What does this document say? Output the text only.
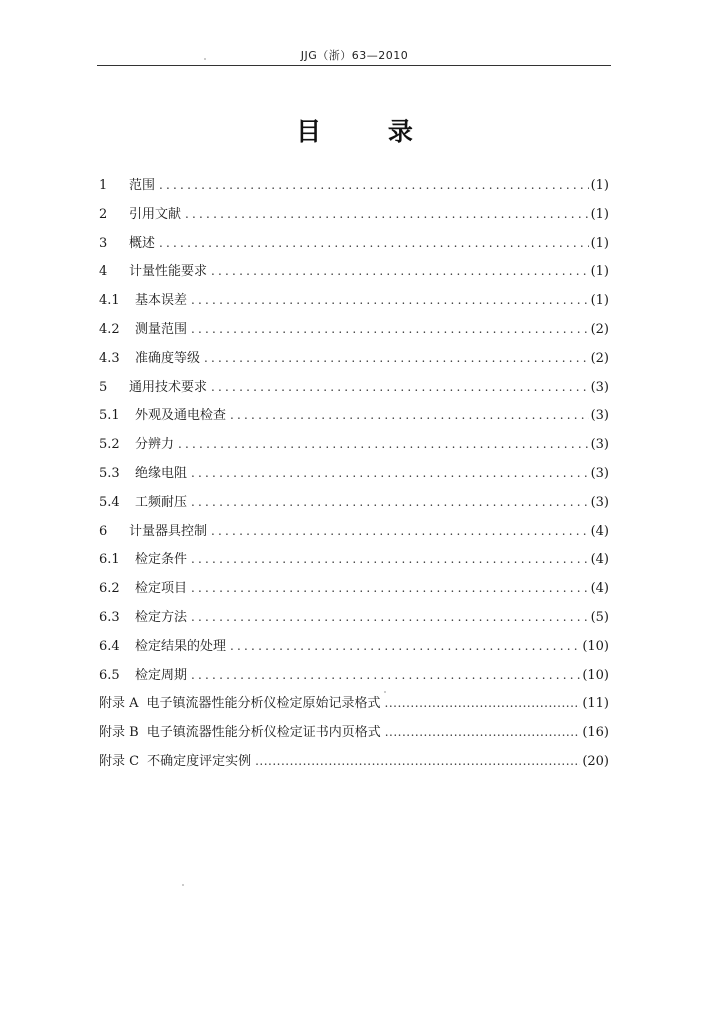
JJG（浙）63—2010
目 录
1	范围 .....	(1)
2	引用文献 .....	(1)
3	概述 .....	(1)
4	计量性能要求 .....	(1)
4.1	基本误差 .....	(1)
4.2	测量范围 .....	(2)
4.3	准确度等级 .....	(2)
5	通用技术要求 .....	(3)
5.1	外观及通电检查 .....	(3)
5.2	分辨力 .....	(3)
5.3	绝缘电阻 .....	(3)
5.4	工频耐压 .....	(3)
6	计量器具控制 .....	(4)
6.1	检定条件 .....	(4)
6.2	检定项目 .....	(4)
6.3	检定方法 .....	(5)
6.4	检定结果的处理 .....	(10)
6.5	检定周期 .....	(10)
附录 A 电子镇流器性能分析仪检定原始记录格式 .....	(11)
附录 B 电子镇流器性能分析仪检定证书内页格式 .....	(16)
附录 C 不确定度评定实例 .....	(20)
